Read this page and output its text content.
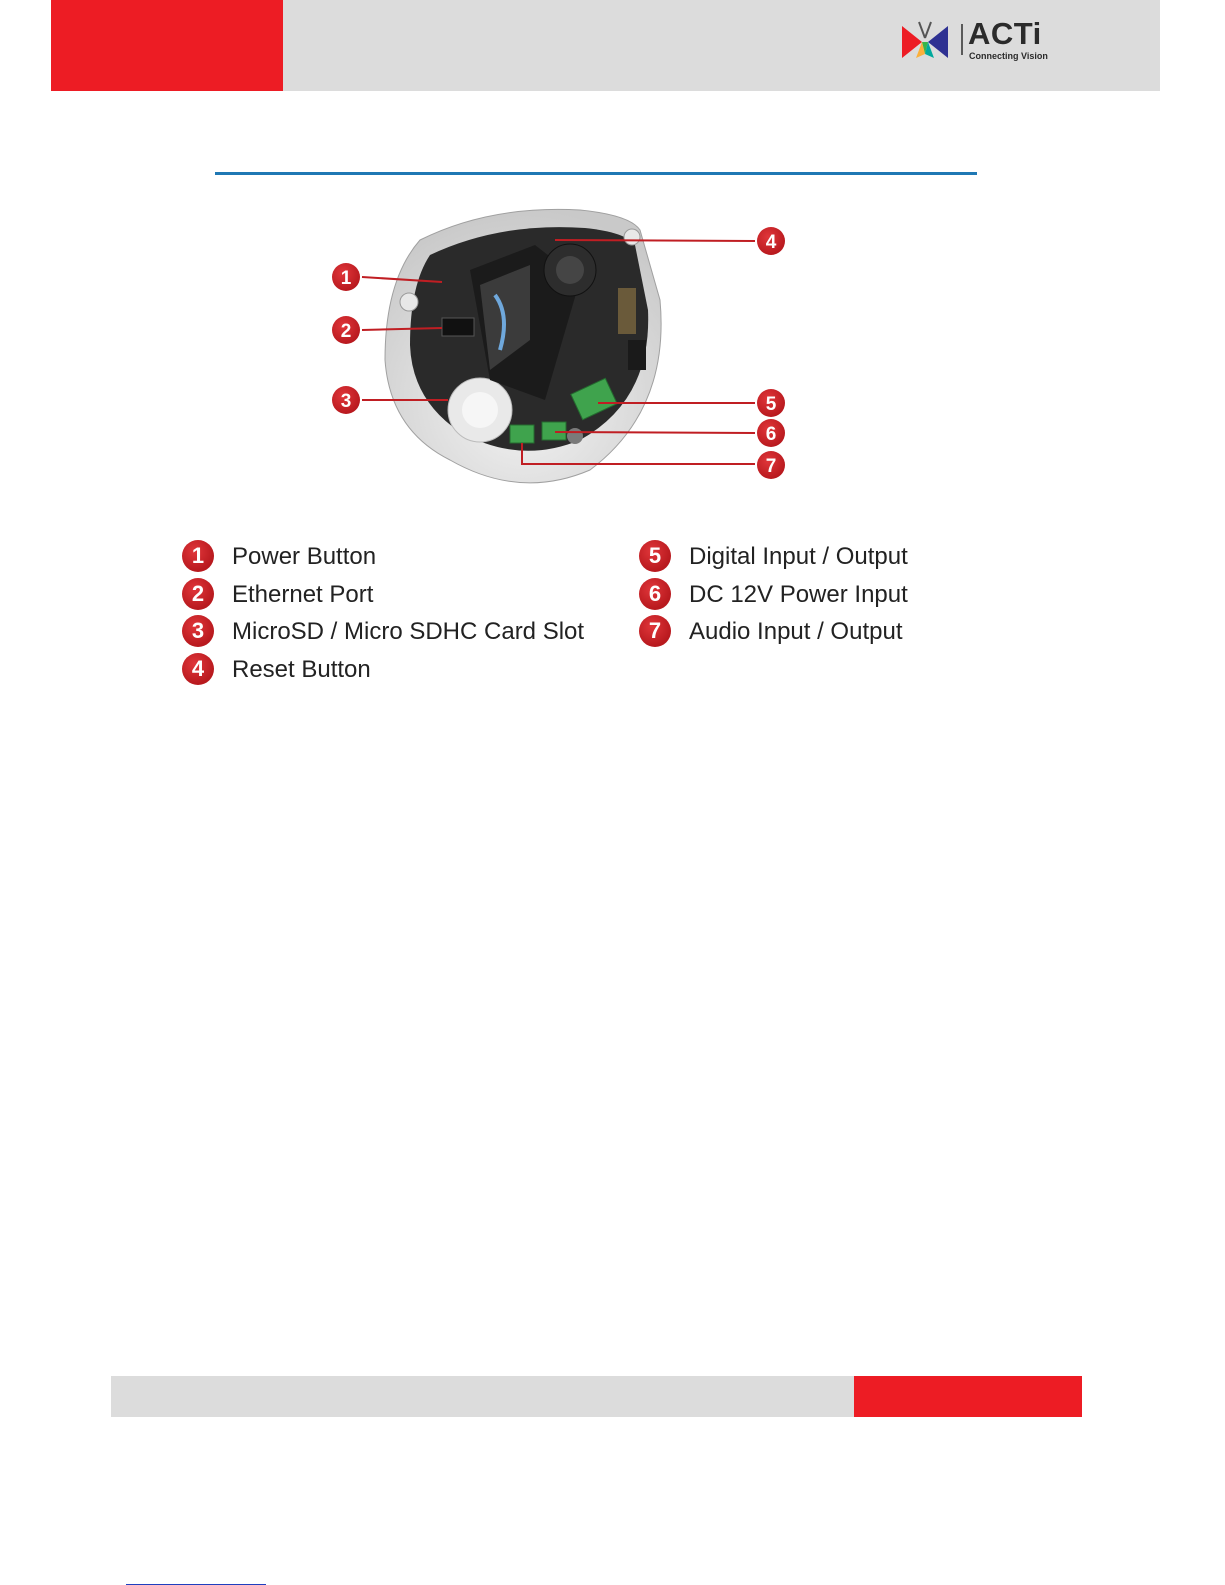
ACTi
Connecting Vision
1
2
3
4
5
6
7
1	Power Button
2	Ethernet Port
3	MicroSD / Micro SDHC Card Slot
4	Reset Button
5	Digital Input / Output
6	DC 12V Power Input
7	Audio Input / Output
